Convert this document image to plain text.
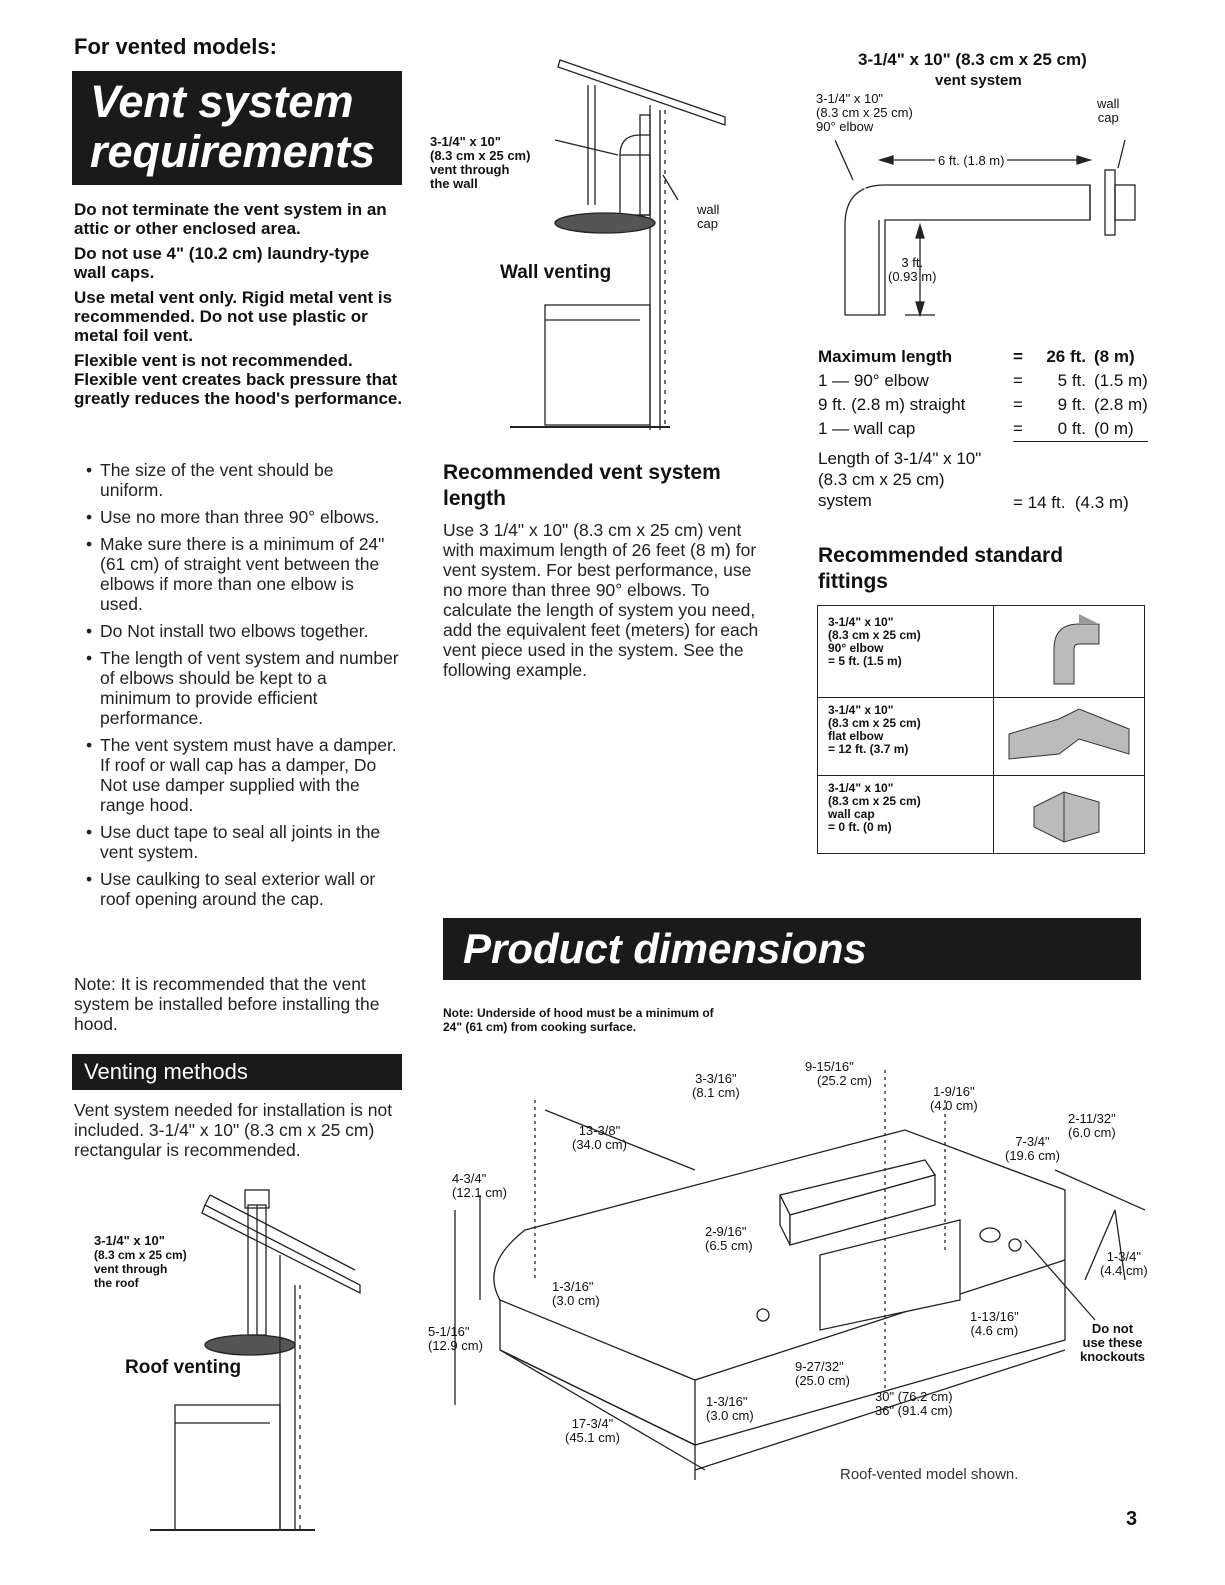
For vented models:
Vent system
requirements

Do not terminate the vent system in an attic or other enclosed area.

Do not use 4" (10.2 cm) laundry-type wall caps.

Use metal vent only. Rigid metal vent is recommended. Do not use plastic or metal foil vent.

Flexible vent is not recommended. Flexible vent creates back pressure that greatly reduces the hood's performance.

• The size of the vent should be uniform.
• Use no more than three 90° elbows.
• Make sure there is a minimum of 24" (61 cm) of straight vent between the elbows if more than one elbow is used.
• Do Not install two elbows together.
• The length of vent system and number of elbows should be kept to a minimum to provide efficient performance.
• The vent system must have a damper. If roof or wall cap has a damper, Do Not use damper supplied with the range hood.
• Use duct tape to seal all joints in the vent system.
• Use caulking to seal exterior wall or roof opening around the cap.
Note: It is recommended that the vent system be installed before installing the hood.
Venting methods
Vent system needed for installation is not included. 3-1/4" x 10" (8.3 cm x 25 cm) rectangular is recommended.
3-1/4" x 10"
(8.3 cm x 25 cm)
vent through
the roof
Roof venting
3-1/4" x 10"
(8.3 cm x 25 cm)
vent through
the wall
wall
cap
Wall venting
Recommended vent system length
Use 3 1/4" x 10" (8.3 cm x 25 cm) vent with maximum length of 26 feet (8 m) for vent system. For best performance, use no more than three 90° elbows. To calculate the length of system you need, add the equivalent feet (meters) for each vent piece used in the system. See the following example.
3-1/4" x 10" (8.3 cm x 25 cm)
vent system
3-1/4" x 10"
(8.3 cm x 25 cm)
90° elbow
wall
cap
6 ft. (1.8 m)
3 ft.
(0.93 m)
Maximum length	=	26 ft.	(8 m)
1 — 90° elbow	=	5 ft.	(1.5 m)
9 ft. (2.8 m) straight	=	9 ft.	(2.8 m)
1 — wall cap	=	0 ft.	(0 m)
Length of 3-1/4" x 10"
(8.3 cm x 25 cm)
system	= 14 ft.  (4.3 m)
Recommended standard fittings
3-1/4" x 10"
(8.3 cm x 25 cm)
90° elbow
= 5 ft. (1.5 m)

3-1/4" x 10"
(8.3 cm x 25 cm)
flat elbow
= 12 ft. (3.7 m)

3-1/4" x 10"
(8.3 cm x 25 cm)
wall cap
= 0 ft. (0 m)

Product dimensions
Note: Underside of hood must be a minimum of
24" (61 cm) from cooking surface.
3-3/16"
(8.1 cm)
9-15/16"
(25.2 cm)
1-9/16"
(4.0 cm)
13-3/8"
(34.0 cm)
2-11/32"
(6.0 cm)
7-3/4"
(19.6 cm)
4-3/4"
(12.1 cm)
2-9/16"
(6.5 cm)
1-3/16"
(3.0 cm)
1-3/4"
(4.4 cm)
5-1/16"
(12.9 cm)
1-13/16"
(4.6 cm)	Do not
use these
knockouts
9-27/32"
(25.0 cm)
1-3/16"
(3.0 cm)
30" (76.2 cm)
36" (91.4 cm)
17-3/4"
(45.1 cm)
Roof-vented model shown.
3
